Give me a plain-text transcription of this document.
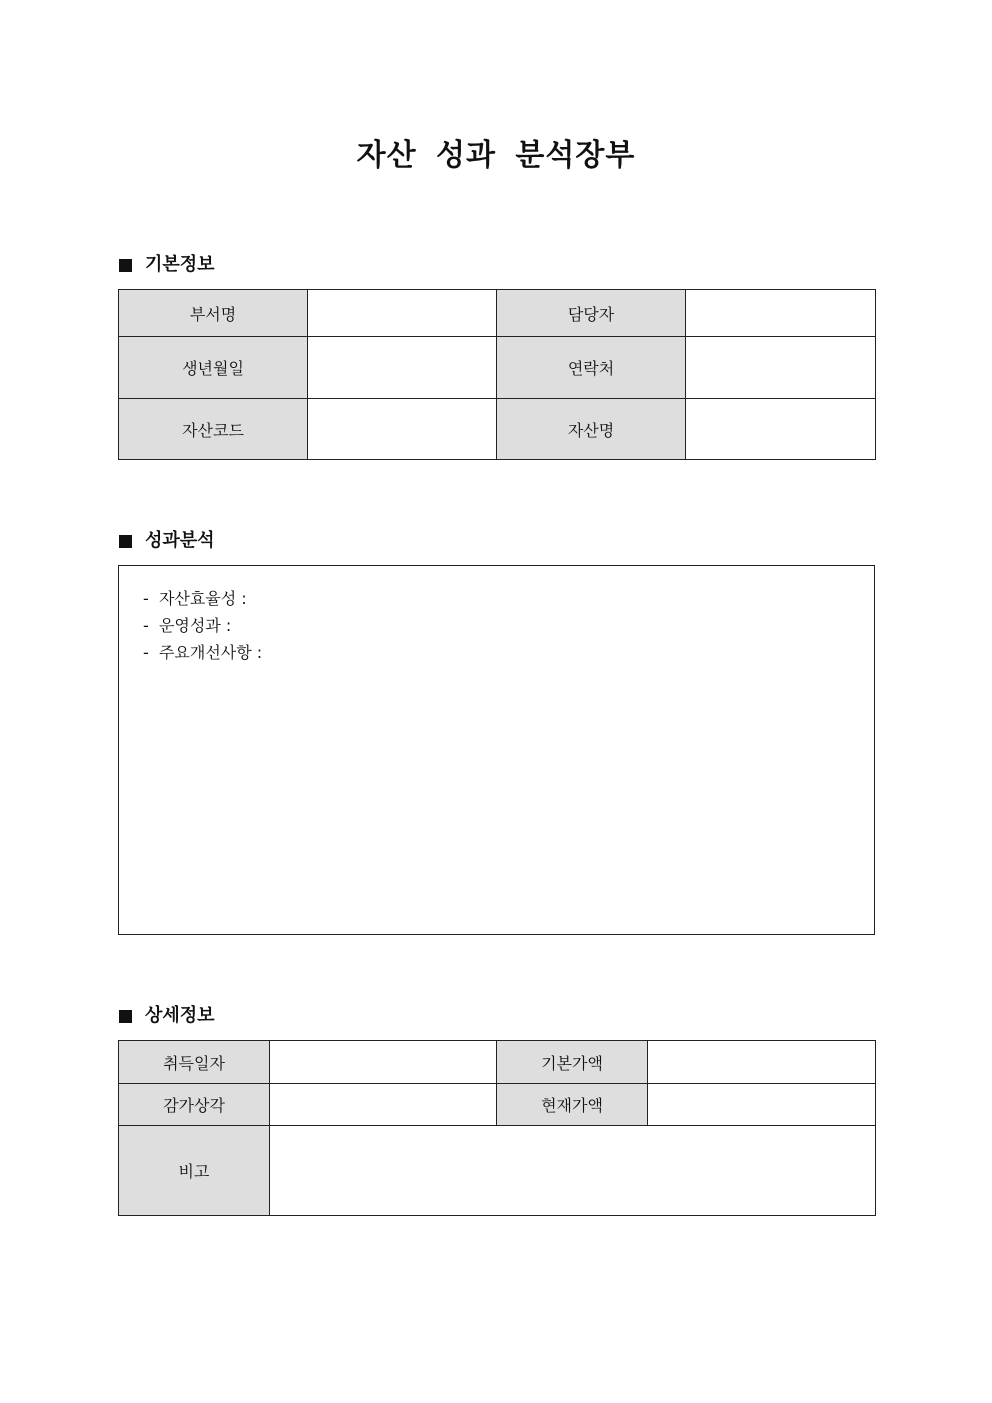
자산 성과 분석장부
기본정보
부서명		담당자	
생년월일		연락처	
자산코드		자산명	
성과분석
-  자산효율성 :
-  운영성과 :
-  주요개선사항 :
상세정보
취득일자		기본가액	
감가상각		현재가액	
비고			
